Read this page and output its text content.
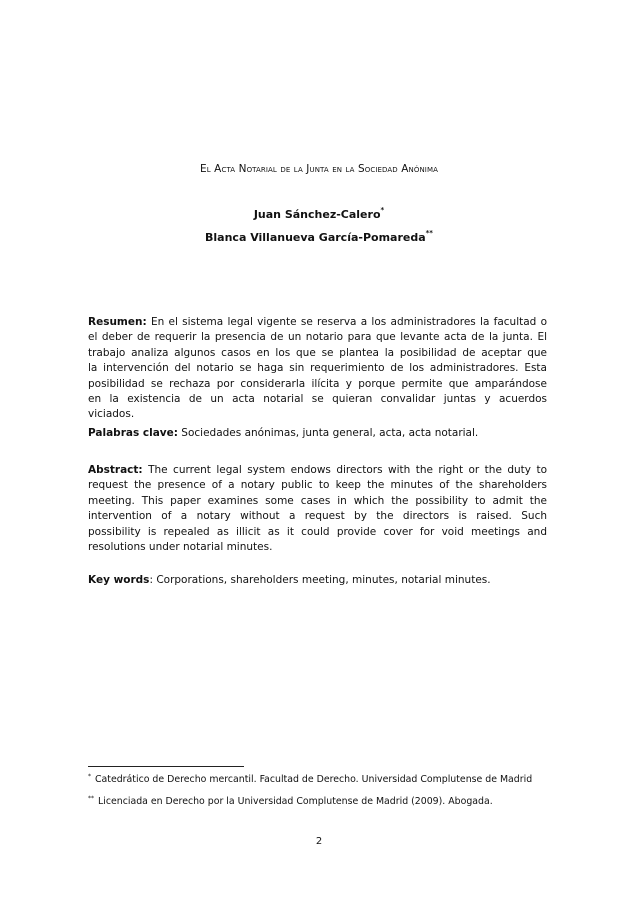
El Acta Notarial de la Junta en la Sociedad Anónima
Juan Sánchez-Calero*
Blanca Villanueva García-Pomareda**
Resumen: En el sistema legal vigente se reserva a los administradores la facultad o
el deber de requerir la presencia de un notario para que levante acta de la junta. El
trabajo analiza algunos casos en los que se plantea la posibilidad de aceptar que
la intervención del notario se haga sin requerimiento de los administradores. Esta
posibilidad se rechaza por considerarla ilícita y porque permite que amparándose
en la existencia de un acta notarial se quieran convalidar juntas y acuerdos
viciados.
Palabras clave: Sociedades anónimas, junta general, acta, acta notarial.
Abstract: The current legal system endows directors with the right or the duty to
request the presence of a notary public to keep the minutes of the shareholders
meeting. This paper examines some cases in which the possibility to admit the
intervention of a notary without a request by the directors is raised. Such
possibility is repealed as illicit as it could provide cover for void meetings and
resolutions under notarial minutes.
Key words: Corporations, shareholders meeting, minutes, notarial minutes.
* Catedrático de Derecho mercantil. Facultad de Derecho. Universidad Complutense de Madrid
** Licenciada en Derecho por la Universidad Complutense de Madrid (2009). Abogada.
2
